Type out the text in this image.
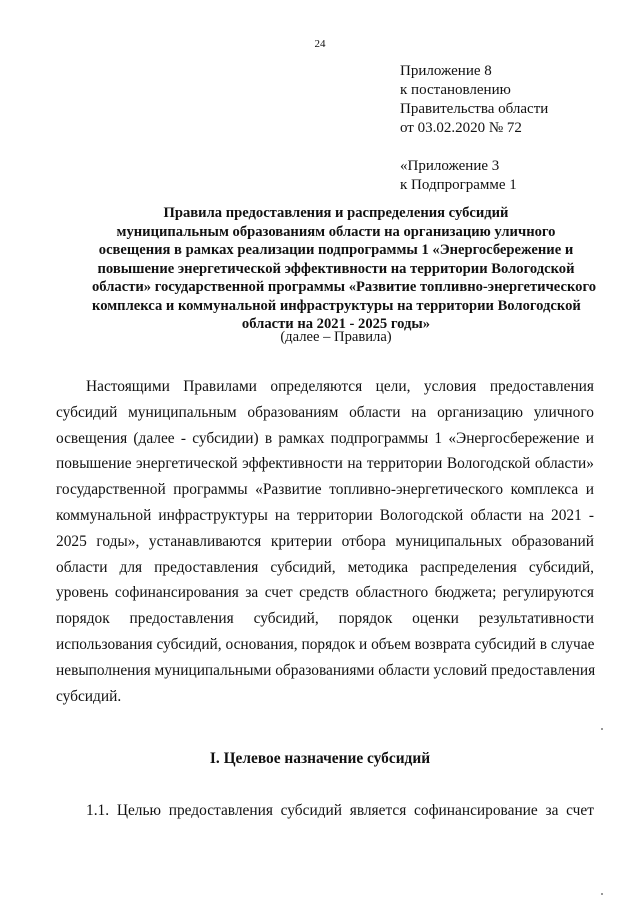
24
Приложение 8
к постановлению
Правительства области
от 03.02.2020 № 72
«Приложение 3
к Подпрограмме 1
Правила предоставления и распределения субсидий
муниципальным образованиям области на организацию уличного
освещения в рамках реализации подпрограммы 1 «Энергосбережение и
повышение энергетической эффективности на территории Вологодской
области» государственной программы «Развитие топливно-энергетического
комплекса и коммунальной инфраструктуры на территории Вологодской
области на 2021 - 2025 годы»
(далее – Правила)
Настоящими Правилами определяются цели, условия предоставления
субсидий муниципальным образованиям области на организацию уличного
освещения (далее - субсидии) в рамках подпрограммы 1 «Энергосбережение и
повышение энергетической эффективности на территории Вологодской области»
государственной программы «Развитие топливно-энергетического комплекса и
коммунальной инфраструктуры на территории Вологодской области на 2021 -
2025 годы», устанавливаются критерии отбора муниципальных образований
области для предоставления субсидий, методика распределения субсидий,
уровень софинансирования за счет средств областного бюджета; регулируются
порядок предоставления субсидий, порядок оценки результативности
использования субсидий, основания, порядок и объем возврата субсидий в случае
невыполнения муниципальными образованиями области условий предоставления
субсидий.
I. Целевое назначение субсидий
1.1. Целью предоставления субсидий является софинансирование за счет
